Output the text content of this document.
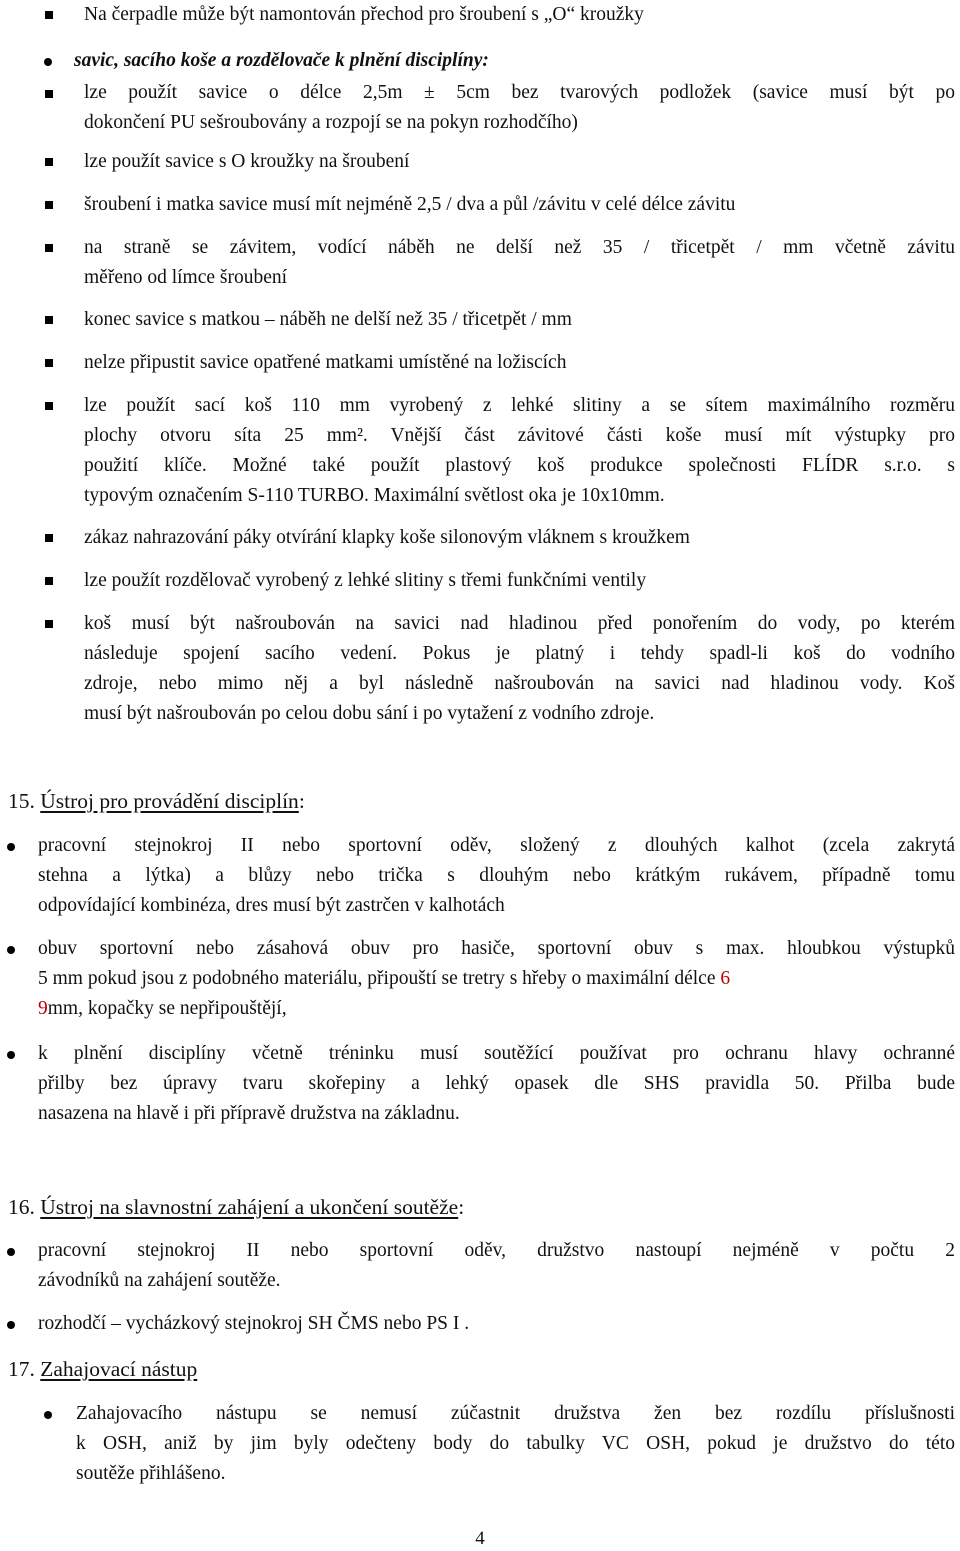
Na čerpadle může být namontován přechod pro šroubení s „O“ kroužky

savic, sacího koše a rozdělovače k plnění disciplíny:

lze použít savice o délce 2,5m ± 5cm bez tvarových podložek (savice musí být po

dokončení PU sešroubovány a rozpojí se na pokyn rozhodčího)

lze použít savice s O kroužky na šroubení

šroubení i matka savice musí mít nejméně 2,5 / dva a půl /závitu v celé délce závitu

na straně se závitem, vodící náběh ne delší než 35 / třicetpět / mm včetně závitu

měřeno od límce šroubení

konec savice s matkou – náběh ne delší než 35 / třicetpět / mm

nelze připustit savice opatřené matkami umístěné na ložiscích

lze použít sací koš 110 mm vyrobený z lehké slitiny a se sítem maximálního rozměru

plochy otvoru síta 25 mm². Vnější část závitové části koše musí mít výstupky pro

použití klíče. Možné také použít plastový koš produkce společnosti FLÍDR s.r.o. s

typovým označením S-110 TURBO. Maximální světlost oka je 10x10mm.

zákaz nahrazování páky otvírání klapky koše silonovým vláknem s kroužkem

lze použít rozdělovač vyrobený z lehké slitiny s třemi funkčními ventily

koš musí být našroubován na savici nad hladinou před ponořením do vody, po kterém

následuje spojení sacího vedení. Pokus je platný i tehdy spadl-li koš do vodního

zdroje, nebo mimo něj a byl následně našroubován na savici nad hladinou vody. Koš

musí být našroubován po celou dobu sání i po vytažení z vodního zdroje.

15. Ústroj pro provádění disciplín:

pracovní stejnokroj II nebo sportovní oděv, složený z dlouhých kalhot (zcela zakrytá

stehna a lýtka) a blůzy nebo trička s dlouhým nebo krátkým rukávem, případně tomu

odpovídající kombinéza, dres musí být zastrčen v kalhotách

obuv sportovní nebo zásahová obuv pro hasiče, sportovní obuv s max. hloubkou výstupků

5 mm pokud jsou z podobného materiálu, připouští se tretry s hřeby o maximální délce 6

9mm, kopačky se nepřipouštějí,

k plnění disciplíny včetně tréninku musí soutěžící používat pro ochranu hlavy ochranné

přilby bez úpravy tvaru skořepiny a lehký opasek dle SHS pravidla 50. Přilba bude

nasazena na hlavě i při přípravě družstva na základnu.

16. Ústroj na slavnostní zahájení a ukončení soutěže:

pracovní stejnokroj II nebo sportovní oděv, družstvo nastoupí nejméně v počtu 2

závodníků na zahájení soutěže.

rozhodčí – vycházkový stejnokroj SH ČMS nebo PS I .

17. Zahajovací nástup

Zahajovacího nástupu se nemusí zúčastnit družstva žen bez rozdílu příslušnosti

k OSH, aniž by jim byly odečteny body do tabulky VC OSH, pokud je družstvo do této

soutěže přihlášeno.

4
